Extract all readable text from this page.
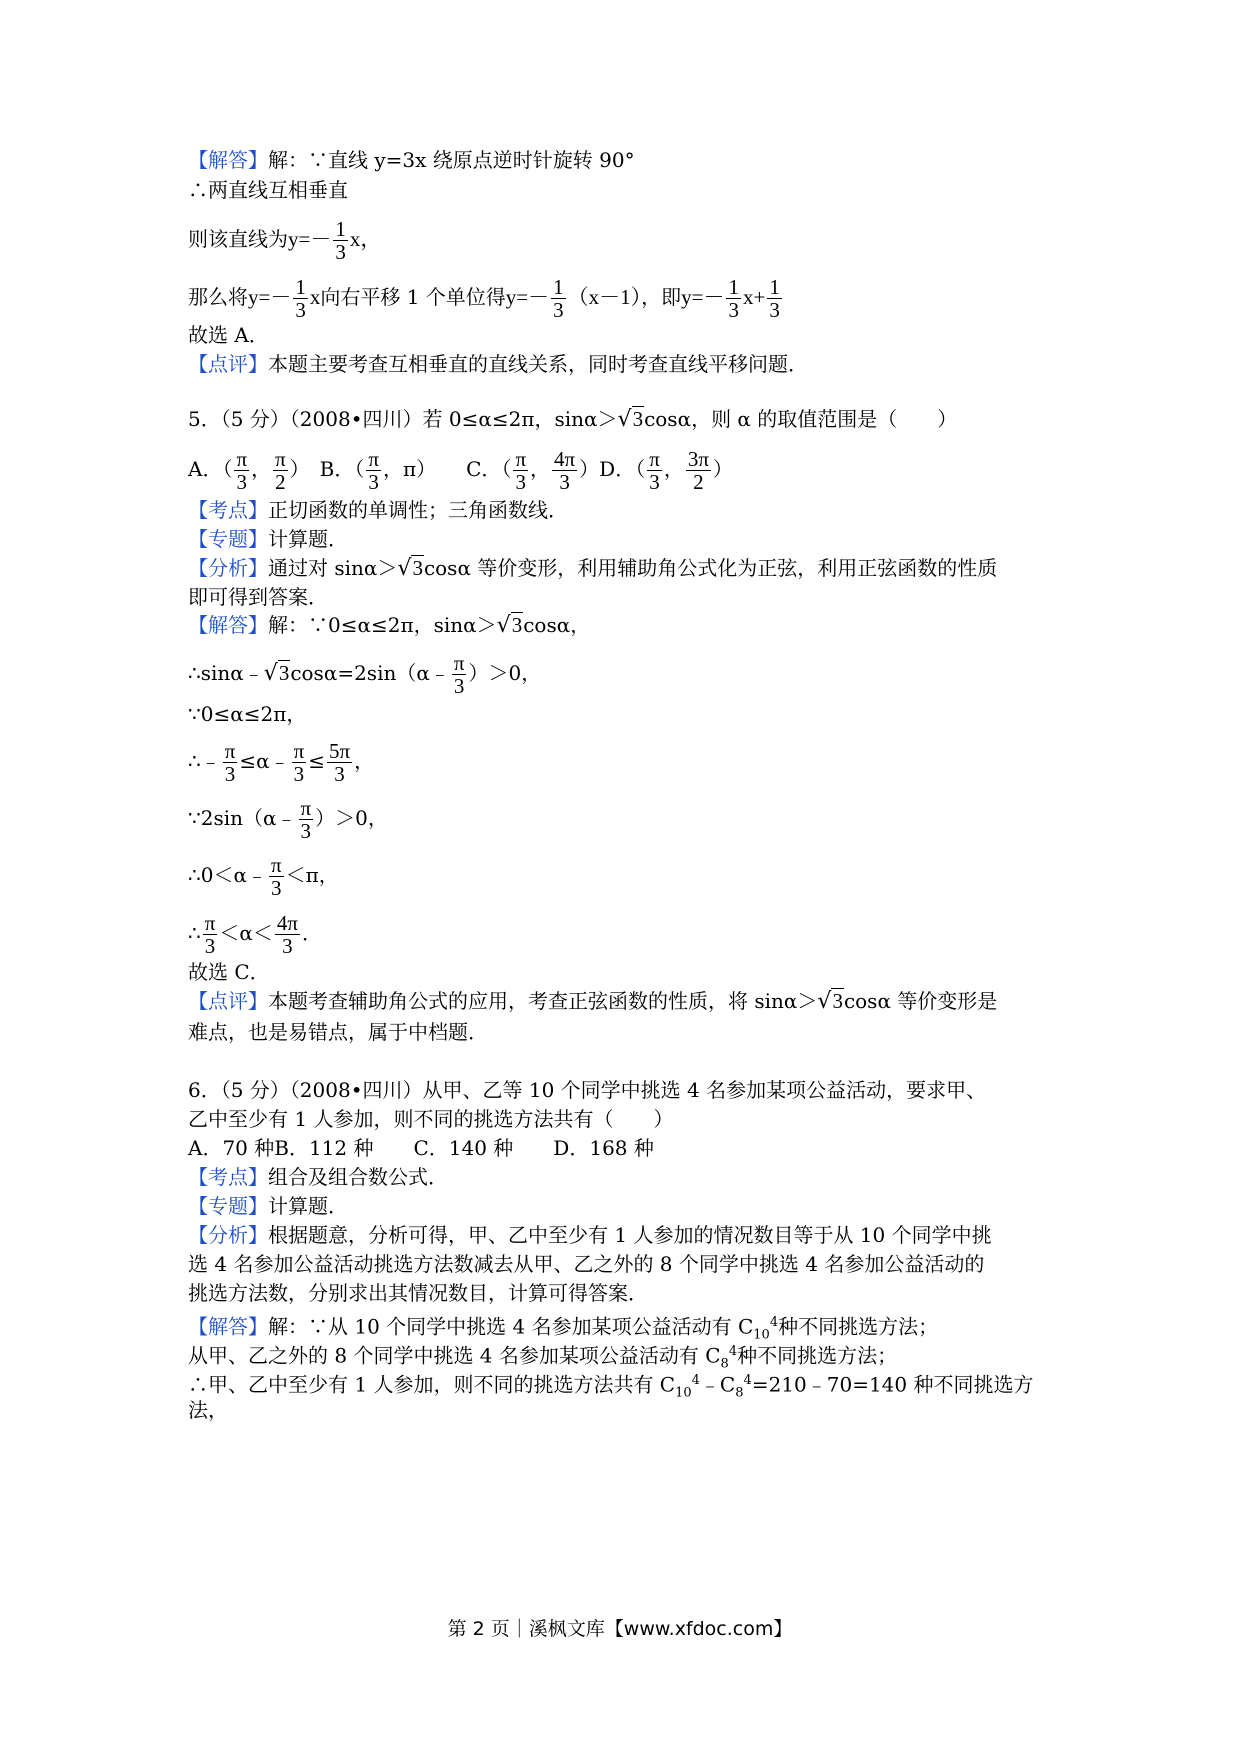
【解答】解：∵直线 y=3x 绕原点逆时针旋转 90°
∴两直线互相垂直
则该直线为$y=- \frac{1}{3}$ x，
那么将$y=- \frac{1}{3}$ x向右平移 1 个单位得$y=- \frac{1}{3} (x-1)$，即$y=- \frac{1}{3} x+ \frac{1}{3}$
故选 A．
【点评】本题主要考查互相垂直的直线关系，同时考查直线平移问题．
5．（5 分）（2008•四川）若 0≤α≤2π，sinα＞√3cosα，则 α 的取值范围是（　　）
A．（ $\frac{\pi}{3}$ ， $\frac{\pi}{2}$ ）　B．（ $\frac{\pi}{3}$ ，π）　　C．（ $\frac{\pi}{3}$ ， $\frac{4\pi}{3} )D$．（ $\frac{\pi}{3}$ ， $\frac{3\pi}{2}$ ）
【考点】正切函数的单调性；三角函数线．
【专题】计算题．
【分析】通过对 sinα＞√3cosα 等价变形，利用辅助角公式化为正弦，利用正弦函数的性质
即可得到答案．
【解答】解：∵0≤α≤2π，sinα＞√3cosα，
∴sinα﹣√3cosα=2sin（α﹣ $\frac{\pi}{3} )>0$，
∵0≤α≤2π，
∴﹣ $\frac{\pi}{3}$ ≤α﹣ $\frac{\pi}{3} \le \frac{5\pi}{3}$ ，
∵2sin（α﹣ $\frac{\pi}{3} )>0$，
∴0＜α﹣ $\frac{\pi}{3} <\pi$，
∴ $\frac{\pi}{3} <\alpha< \frac{4\pi}{3}$ ．
故选 C．
【点评】本题考查辅助角公式的应用，考查正弦函数的性质，将 sinα＞√3cosα 等价变形是
难点，也是易错点，属于中档题．
6．（5 分）（2008•四川）从甲、乙等 10 个同学中挑选 4 名参加某项公益活动，要求甲、
乙中至少有 1 人参加，则不同的挑选方法共有（　　）
A．70 种B．112 种　　C．140 种　　D．168 种
【考点】组合及组合数公式．
【专题】计算题．
【分析】根据题意，分析可得，甲、乙中至少有 1 人参加的情况数目等于从 10 个同学中挑
选 4 名参加公益活动挑选方法数减去从甲、乙之外的 8 个同学中挑选 4 名参加公益活动的
挑选方法数，分别求出其情况数目，计算可得答案．
【解答】解：∵从 10 个同学中挑选 4 名参加某项公益活动有 $C_{10}^4$种不同挑选方法；
从甲、乙之外的 8 个同学中挑选 4 名参加某项公益活动有 $C_8^4$种不同挑选方法；
∴甲、乙中至少有 1 人参加，则不同的挑选方法共有 $C_{10}^4﹣C_8^4=210﹣70=140$ 种不同挑选方
法，
第 2 页｜溪枫文库【www.xfdoc.com】
